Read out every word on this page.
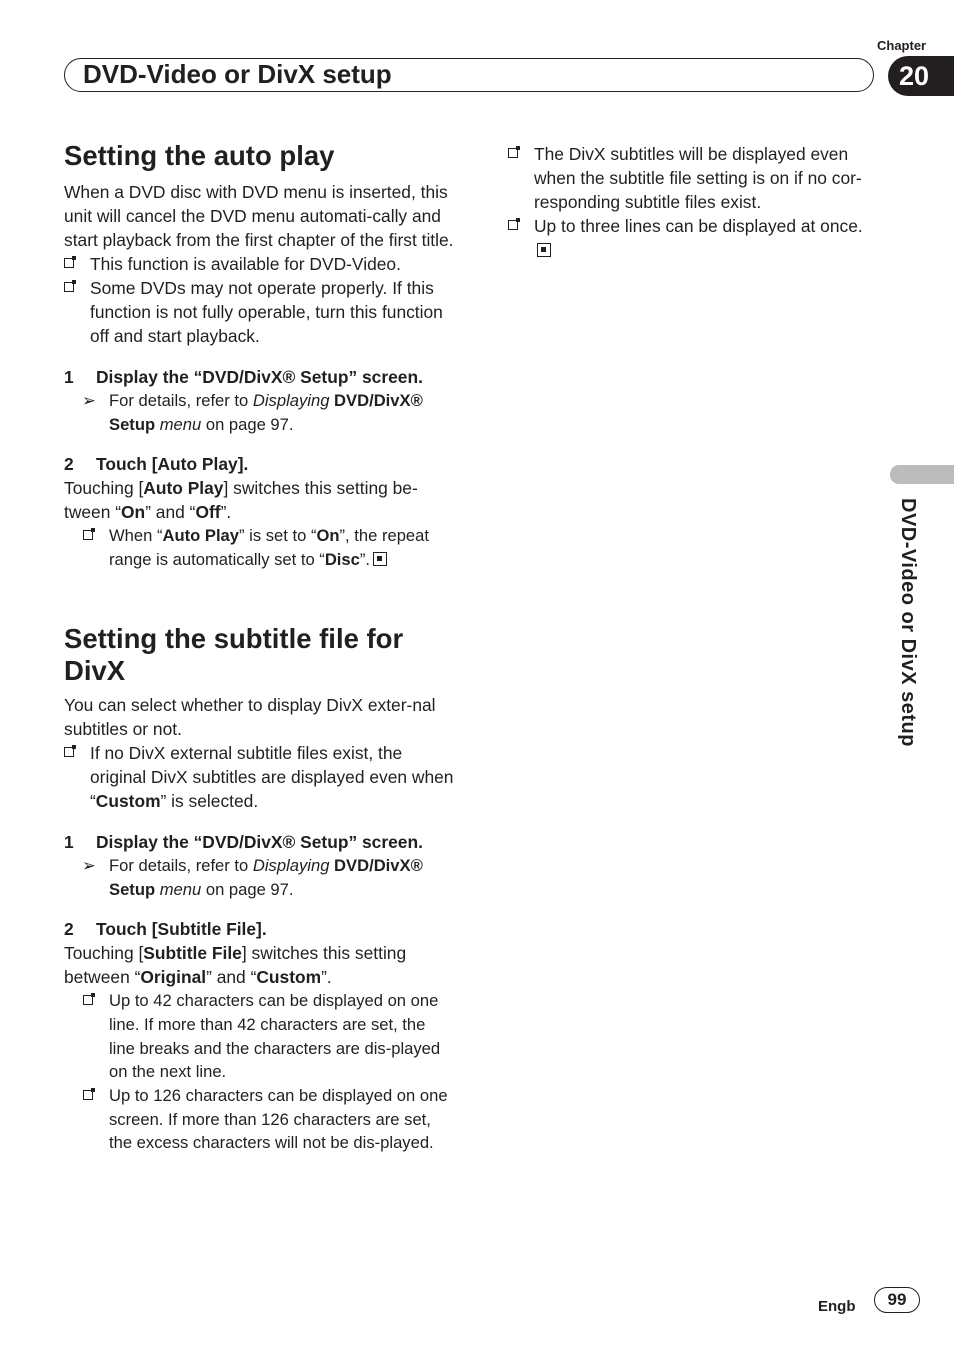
Chapter
20
DVD-Video or DivX setup
DVD-Video or DivX setup
Setting the auto play

When a DVD disc with DVD menu is inserted, this unit will cancel the DVD menu automati-cally and start playback from the first chapter of the first title.

This function is available for DVD-Video.
Some DVDs may not operate properly. If this function is not fully operable, turn this function off and start playback.
1 Display the “DVD/DivX® Setup” screen.
➢ For details, refer to Displaying DVD/DivX® Setup menu on page 97.
2 Touch [Auto Play].

Touching [Auto Play] switches this setting be-tween “On” and “Off”.

When “Auto Play” is set to “On”, the repeat range is automatically set to “Disc”.
Setting the subtitle file for DivX

You can select whether to display DivX exter-nal subtitles or not.

If no DivX external subtitle files exist, the original DivX subtitles are displayed even when “Custom” is selected.
1 Display the “DVD/DivX® Setup” screen.
➢ For details, refer to Displaying DVD/DivX® Setup menu on page 97.
2 Touch [Subtitle File].

Touching [Subtitle File] switches this setting between “Original” and “Custom”.

Up to 42 characters can be displayed on one line. If more than 42 characters are set, the line breaks and the characters are dis-played on the next line.
Up to 126 characters can be displayed on one screen. If more than 126 characters are set, the excess characters will not be dis-played.
The DivX subtitles will be displayed even when the subtitle file setting is on if no cor-responding subtitle files exist.
Up to three lines can be displayed at once.
Engb	99
